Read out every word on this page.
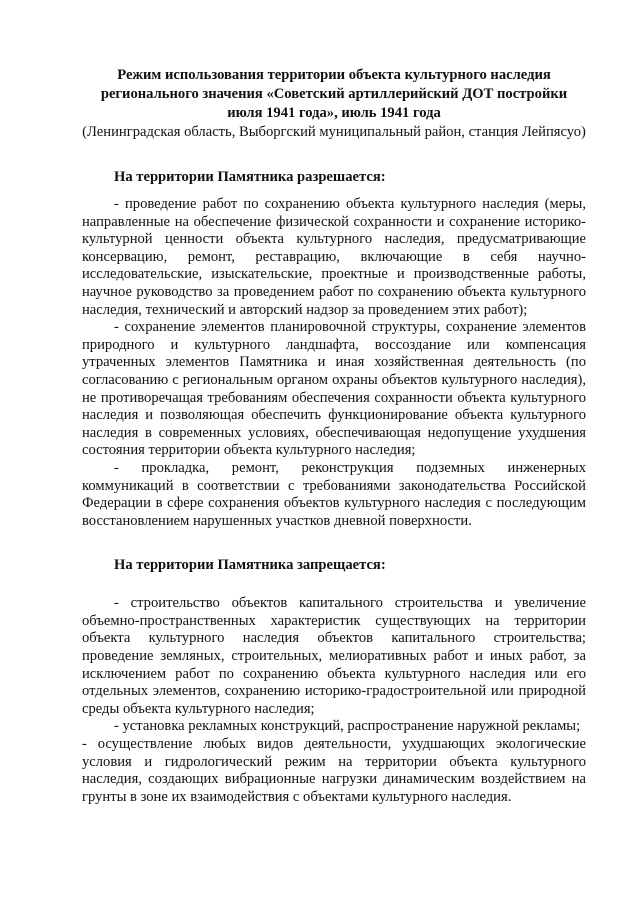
Режим использования территории объекта культурного наследия регионального значения «Советский артиллерийский ДОТ постройки июля 1941 года», июль 1941 года

(Ленинградская область, Выборгский муниципальный район, станция Лейпясуо)

На территории Памятника разрешается:

- проведение работ по сохранению объекта культурного наследия (меры, направленные на обеспечение физической сохранности и сохранение историко-культурной ценности объекта культурного наследия, предусматривающие консервацию, ремонт, реставрацию, включающие в себя научно-исследовательские, изыскательские, проектные и производственные работы, научное руководство за проведением работ по сохранению объекта культурного наследия, технический и авторский надзор за проведением этих работ);

- сохранение элементов планировочной структуры, сохранение элементов природного и культурного ландшафта, воссоздание или компенсация утраченных элементов Памятника и иная хозяйственная деятельность (по согласованию с региональным органом охраны объектов культурного наследия), не противоречащая требованиям обеспечения сохранности объекта культурного наследия и позволяющая обеспечить функционирование объекта культурного наследия в современных условиях, обеспечивающая недопущение ухудшения состояния территории объекта культурного наследия;

- прокладка, ремонт, реконструкция подземных инженерных коммуникаций в соответствии с требованиями законодательства Российской Федерации в сфере сохранения объектов культурного наследия с последующим восстановлением нарушенных участков дневной поверхности.

На территории Памятника запрещается:

- строительство объектов капитального строительства и увеличение объемно-пространственных характеристик существующих на территории объекта культурного наследия объектов капитального строительства; проведение земляных, строительных, мелиоративных работ и иных работ, за исключением работ по сохранению объекта культурного наследия или его отдельных элементов, сохранению историко-градостроительной или природной среды объекта культурного наследия;

- установка рекламных конструкций, распространение наружной рекламы;

- осуществление любых видов деятельности, ухудшающих экологические условия и гидрологический режим на территории объекта культурного наследия, создающих вибрационные нагрузки динамическим воздействием на грунты в зоне их взаимодействия с объектами культурного наследия.
